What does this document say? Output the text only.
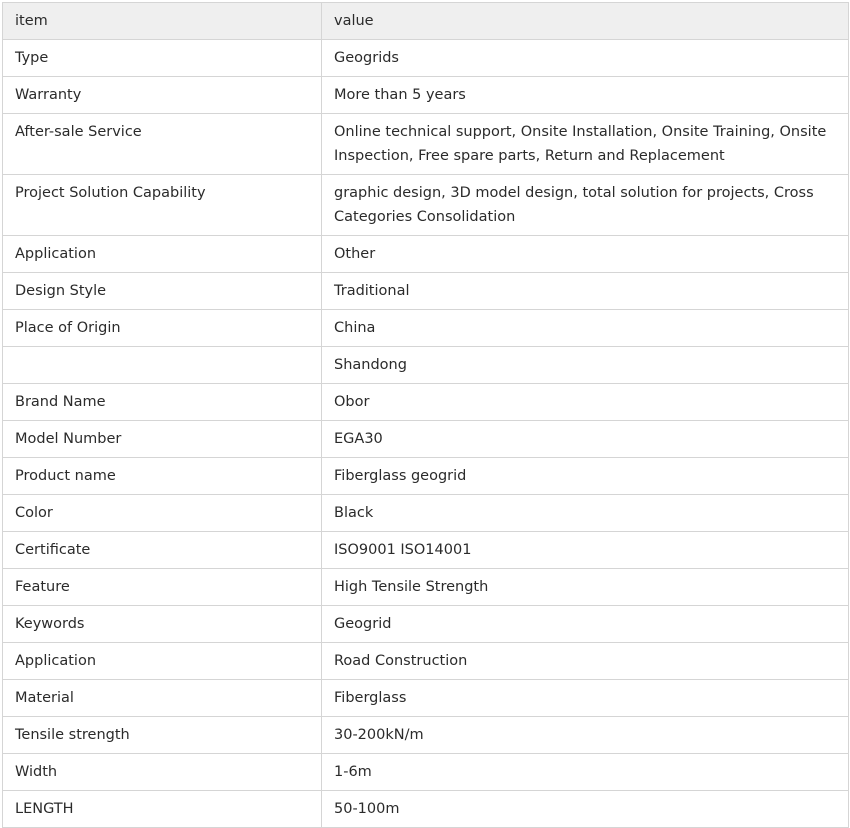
item	value
Type	Geogrids
Warranty	More than 5 years
After-sale Service	Online technical support, Onsite Installation, Onsite Training, Onsite Inspection, Free spare parts, Return and Replacement
Project Solution Capability	graphic design, 3D model design, total solution for projects, Cross Categories Consolidation
Application	Other
Design Style	Traditional
Place of Origin	China
	Shandong
Brand Name	Obor
Model Number	EGA30
Product name	Fiberglass geogrid
Color	Black
Certificate	ISO9001 ISO14001
Feature	High Tensile Strength
Keywords	Geogrid
Application	Road Construction
Material	Fiberglass
Tensile strength	30-200kN/m
Width	1-6m
LENGTH	50-100m
